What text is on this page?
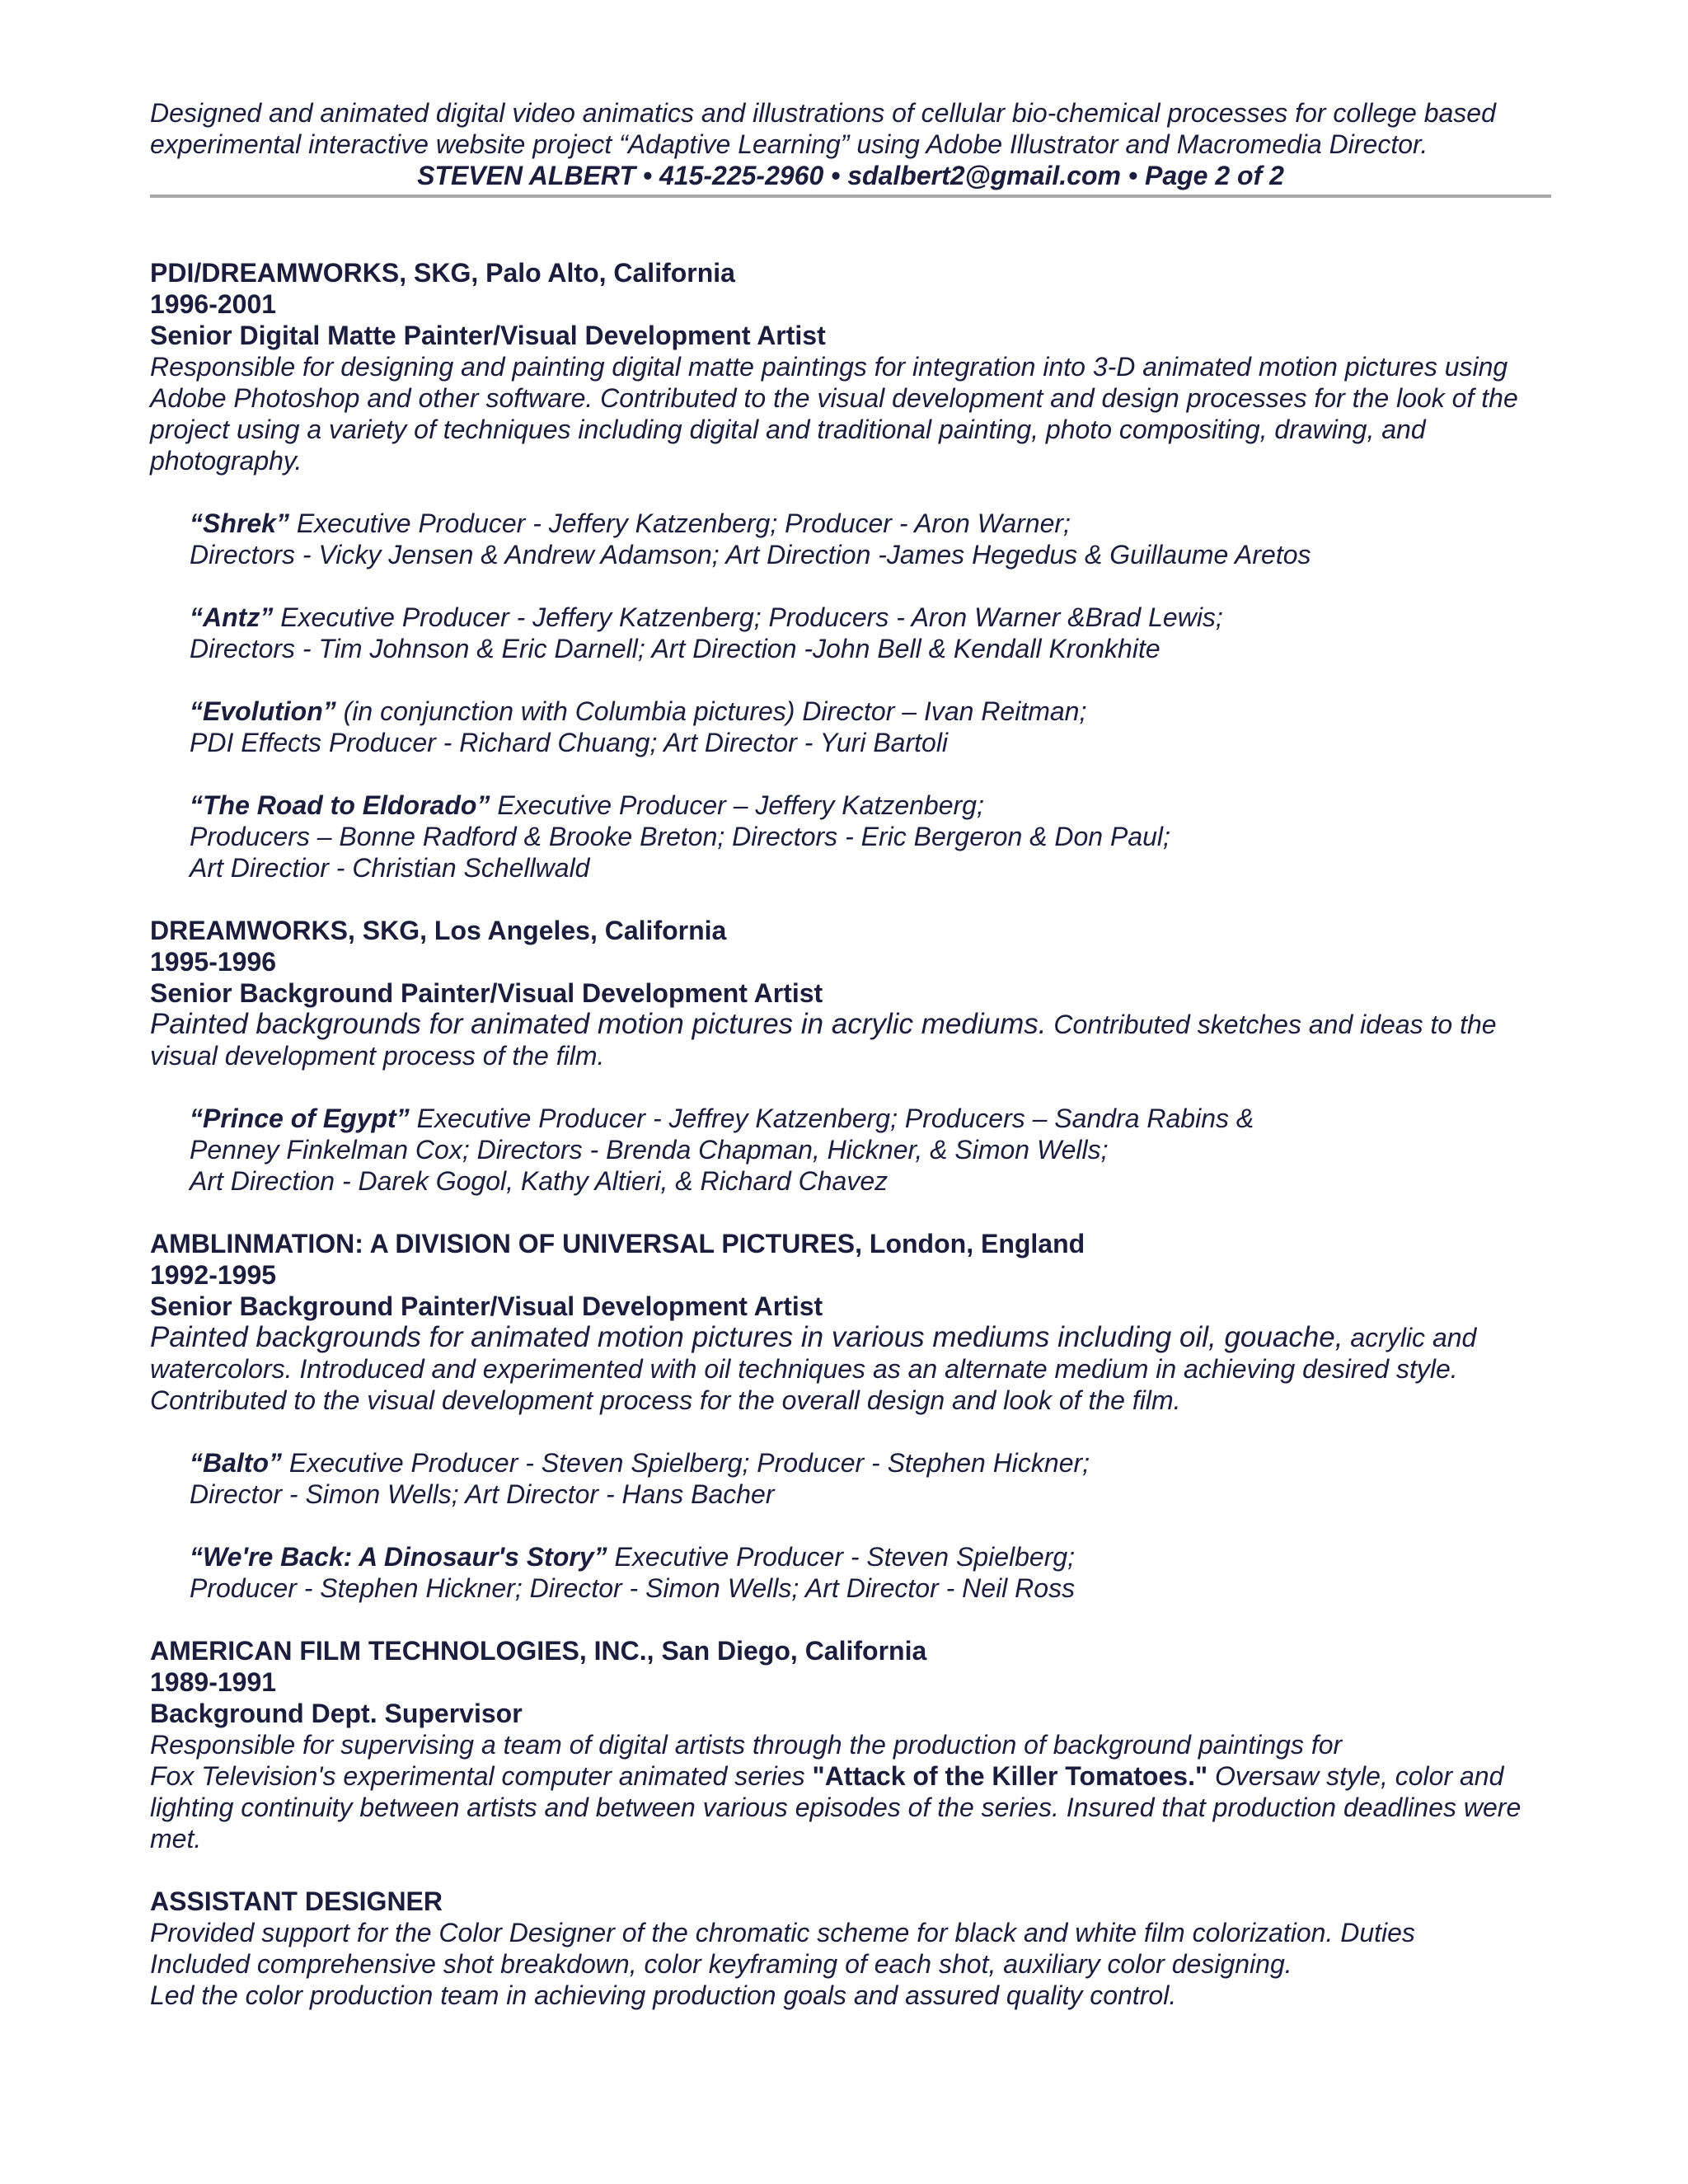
Designed and animated digital video animatics and illustrations of cellular bio-chemical processes for college based experimental interactive website project “Adaptive Learning” using Adobe Illustrator and Macromedia Director.

STEVEN ALBERT • 415-225-2960 • sdalbert2@gmail.com • Page 2 of 2

PDI/DREAMWORKS, SKG, Palo Alto, California

1996-2001

Senior Digital Matte Painter/Visual Development Artist

Responsible for designing and painting digital matte paintings for integration into 3-D animated motion pictures using Adobe Photoshop and other software. Contributed to the visual development and design processes for the look of the project using a variety of techniques including digital and traditional painting, photo compositing, drawing, and photography.

“Shrek” Executive Producer - Jeffery Katzenberg; Producer - Aron Warner;

Directors - Vicky Jensen & Andrew Adamson; Art Direction -James Hegedus & Guillaume Aretos

“Antz” Executive Producer - Jeffery Katzenberg; Producers - Aron Warner &Brad Lewis;

Directors - Tim Johnson & Eric Darnell; Art Direction -John Bell & Kendall Kronkhite

“Evolution” (in conjunction with Columbia pictures) Director – Ivan Reitman;

PDI Effects Producer - Richard Chuang; Art Director - Yuri Bartoli

“The Road to Eldorado” Executive Producer – Jeffery Katzenberg;

Producers – Bonne Radford & Brooke Breton; Directors - Eric Bergeron & Don Paul;

Art Directior - Christian Schellwald

DREAMWORKS, SKG, Los Angeles, California

1995-1996

Senior Background Painter/Visual Development Artist

Painted backgrounds for animated motion pictures in acrylic mediums. Contributed sketches and ideas to the visual development process of the film.

“Prince of Egypt” Executive Producer - Jeffrey Katzenberg; Producers – Sandra Rabins &

Penney Finkelman Cox; Directors - Brenda Chapman, Hickner, & Simon Wells;

Art Direction - Darek Gogol, Kathy Altieri, & Richard Chavez

AMBLINMATION: A DIVISION OF UNIVERSAL PICTURES, London, England

1992-1995

Senior Background Painter/Visual Development Artist

Painted backgrounds for animated motion pictures in various mediums including oil, gouache, acrylic and watercolors. Introduced and experimented with oil techniques as an alternate medium in achieving desired style. Contributed to the visual development process for the overall design and look of the film.

“Balto” Executive Producer - Steven Spielberg; Producer - Stephen Hickner;

Director - Simon Wells; Art Director - Hans Bacher

“We're Back: A Dinosaur's Story” Executive Producer - Steven Spielberg;

Producer - Stephen Hickner; Director - Simon Wells; Art Director - Neil Ross

AMERICAN FILM TECHNOLOGIES, INC., San Diego, California

1989-1991

Background Dept. Supervisor

Responsible for supervising a team of digital artists through the production of background paintings for

Fox Television's experimental computer animated series "Attack of the Killer Tomatoes." Oversaw style, color and lighting continuity between artists and between various episodes of the series. Insured that production deadlines were met.

ASSISTANT DESIGNER

Provided support for the Color Designer of the chromatic scheme for black and white film colorization. Duties

Included comprehensive shot breakdown, color keyframing of each shot, auxiliary color designing.

Led the color production team in achieving production goals and assured quality control.
